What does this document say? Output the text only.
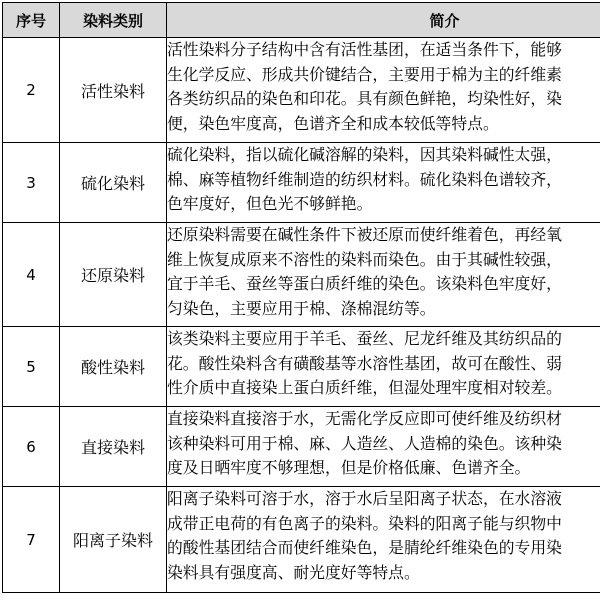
序号	染料类别	简介
2	活性染料	活性染料分子结构中含有活性基团，在适当条件下，能够
生化学反应、形成共价键结合，主要用于棉为主的纤维素
各类纺织品的染色和印花。具有颜色鲜艳，均染性好，染
便，染色牢度高，色谱齐全和成本较低等特点。

3	硫化染料	硫化染料，指以硫化碱溶解的染料，因其染料碱性太强，
棉、麻等植物纤维制造的纺织材料。硫化染料色谱较齐，
色牢度好，但色光不够鲜艳。

4	还原染料	还原染料需要在碱性条件下被还原而使纤维着色，再经氧
维上恢复成原来不溶性的染料而染色。由于其碱性较强，
宜于羊毛、蚕丝等蛋白质纤维的染色。该染料色牢度好，
匀染色，主要应用于棉、涤棉混纺等。

5	酸性染料	该类染料主要应用于羊毛、蚕丝、尼龙纤维及其纺织品的
花。酸性染料含有磺酸基等水溶性基团，故可在酸性、弱
性介质中直接染上蛋白质纤维，但湿处理牢度相对较差。

6	直接染料	直接染料直接溶于水，无需化学反应即可使纤维及纺织材
该种染料可用于棉、麻、人造丝、人造棉的染色。该种染
度及日晒牢度不够理想，但是价格低廉、色谱齐全。

7	阳离子染料	阳离子染料可溶于水，溶于水后呈阳离子状态，在水溶液
成带正电荷的有色离子的染料。染料的阳离子能与织物中
的酸性基团结合而使纤维染色，是腈纶纤维染色的专用染
染料具有强度高、耐光度好等特点。
